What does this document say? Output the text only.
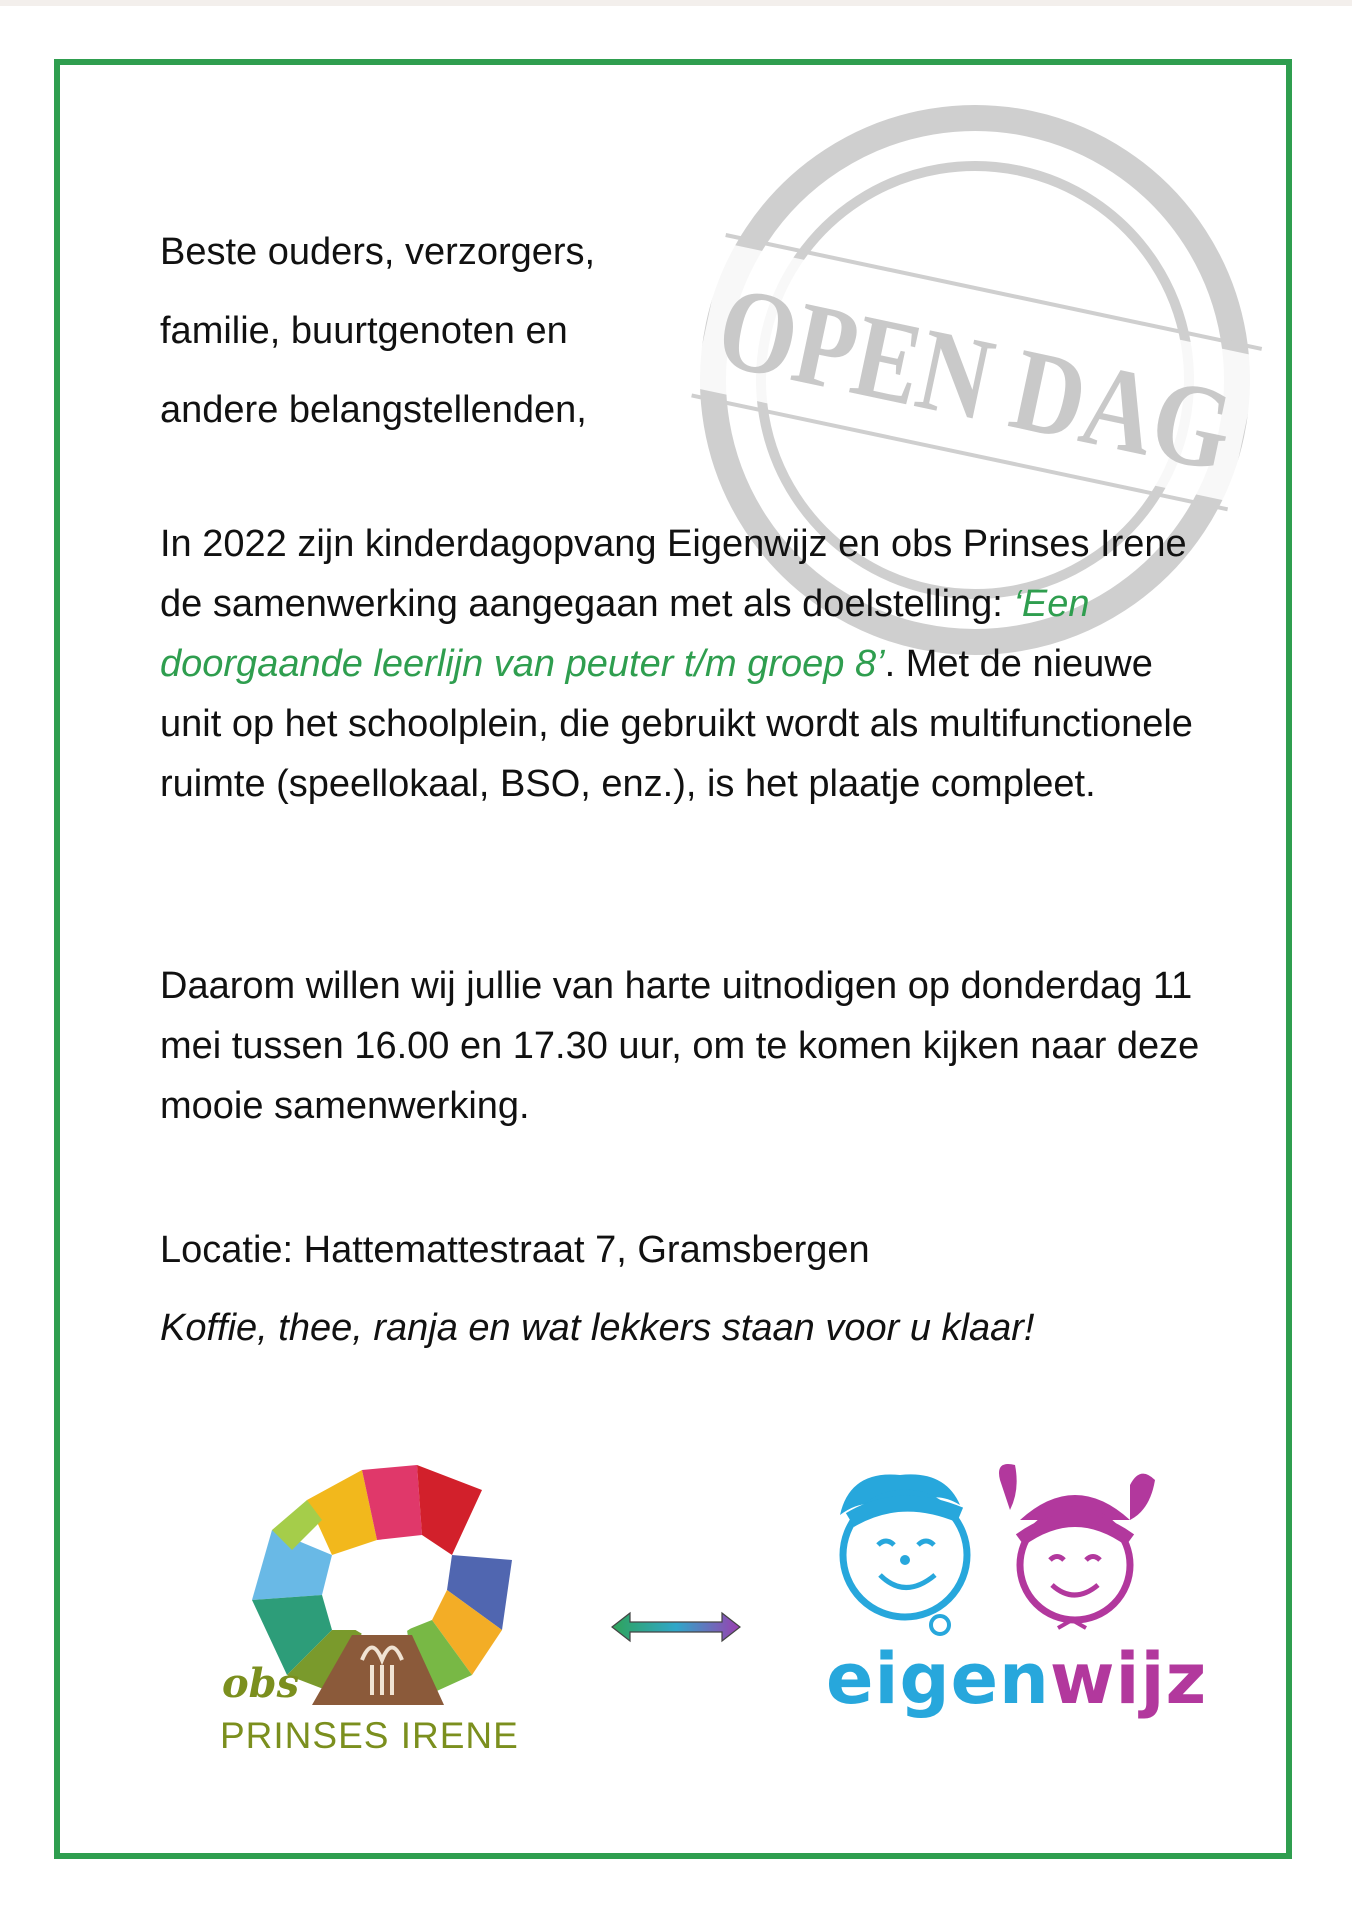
OPEN DAG

Beste ouders, verzorgers,
familie, buurtgenoten en
andere belangstellenden,

In 2022 zijn kinderdagopvang Eigenwijz en obs Prinses Irene de samenwerking aangegaan met als doelstelling: ‘Een doorgaande leerlijn van peuter t/m groep 8’. Met de nieuwe unit op het schoolplein, die gebruikt wordt als multifunctionele ruimte (speellokaal, BSO, enz.), is het plaatje compleet.

Daarom willen wij jullie van harte uitnodigen op donderdag 11 mei tussen 16.00 en 17.30 uur, om te komen kijken naar deze mooie samenwerking.

Locatie: Hattemattestraat 7, Gramsbergen

Koffie, thee, ranja en wat lekkers staan voor u klaar!

obs
PRINSES IRENE
eigenwijz
